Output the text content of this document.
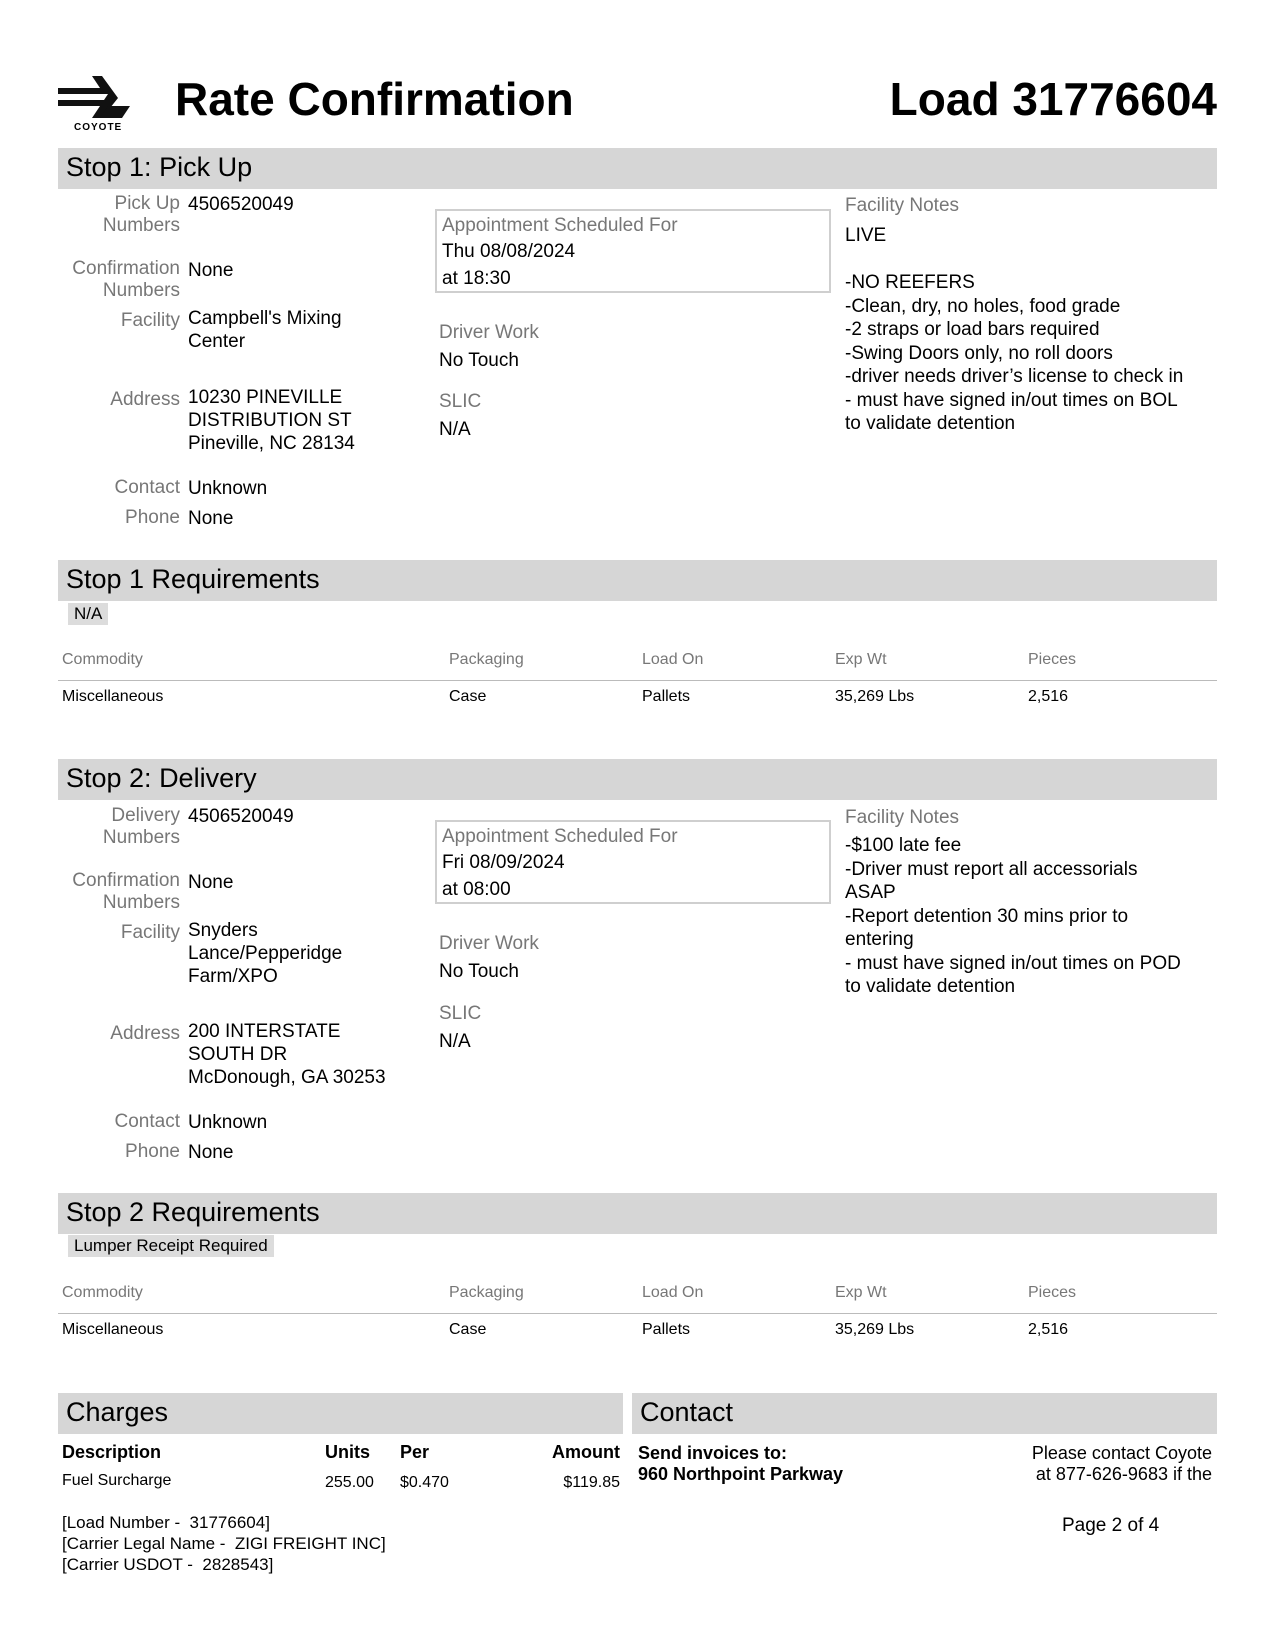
COYOTE
Rate Confirmation	Load 31776604
Stop 1: Pick Up
Pick Up Numbers
4506520049
Confirmation Numbers
None
Facility Campbell's Mixing
Center
Address 10230 PINEVILLE
DISTRIBUTION ST
Pineville, NC 28134
Contact Unknown
Phone None
Appointment Scheduled For
Thu 08/08/2024
at 18:30
Driver Work
No Touch
SLIC
N/A
Facility Notes
LIVE
-NO REEFERS
-Clean, dry, no holes, food grade
-2 straps or load bars required
-Swing Doors only, no roll doors
-driver needs driver’s license to check in
- must have signed in/out times on BOL
to validate detention
Stop 1 Requirements
N/A
Commodity	Packaging	Load On	Exp Wt	Pieces
Miscellaneous	Case	Pallets	35,269 Lbs	2,516
Stop 2: Delivery
Delivery Numbers
4506520049
Confirmation Numbers
None
Facility Snyders
Lance/Pepperidge
Farm/XPO
Address 200 INTERSTATE
SOUTH DR
McDonough, GA 30253
Contact Unknown
Phone None
Appointment Scheduled For
Fri 08/09/2024
at 08:00
Driver Work
No Touch
SLIC
N/A
Facility Notes
-$100 late fee
-Driver must report all accessorials
ASAP
-Report detention 30 mins prior to
entering
- must have signed in/out times on POD
to validate detention
Stop 2 Requirements
Lumper Receipt Required
Commodity	Packaging	Load On	Exp Wt	Pieces
Miscellaneous	Case	Pallets	35,269 Lbs	2,516
Charges
Description	Units Per	Amount
Fuel Surcharge	255.00 $0.470	$119.85
Contact
Send invoices to:
960 Northpoint Parkway
Please contact Coyote
at 877-626-9683 if the
[Load Number -  31776604]
[Carrier Legal Name -  ZIGI FREIGHT INC]
[Carrier USDOT -  2828543]
Page 2 of 4
